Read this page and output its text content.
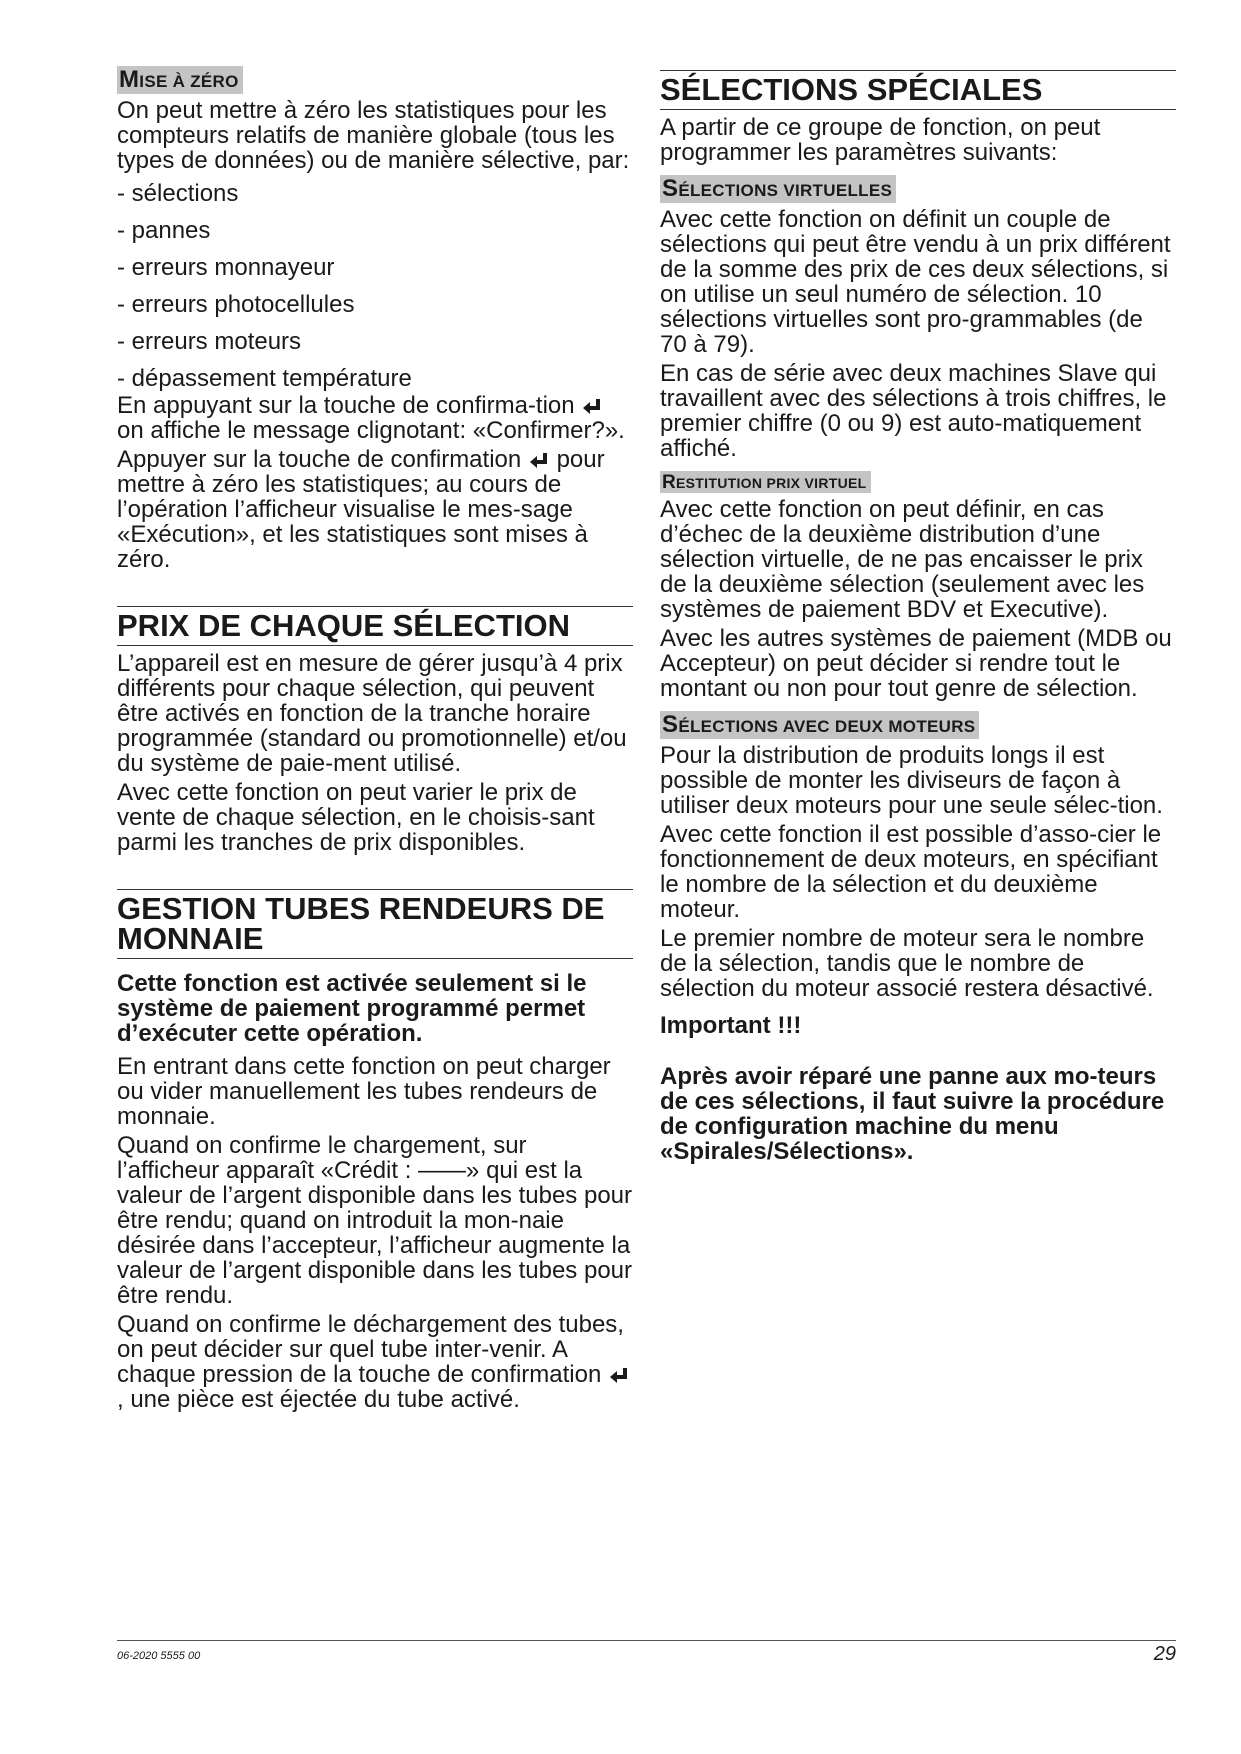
MISE À ZÉRO

On peut mettre à zéro les statistiques pour les compteurs relatifs de manière globale (tous les types de données) ou de manière sélective, par:

- sélections
- pannes
- erreurs monnayeur
- erreurs photocellules
- erreurs moteurs
- dépassement température

En appuyant sur la touche de confirma-tion
on affiche le message clignotant: «Confirmer?».

Appuyer sur la touche de confirmation
pour mettre à zéro les statistiques; au cours de l’opération l’afficheur visualise le mes-sage «Exécution», et les statistiques sont mises à zéro.

PRIX DE CHAQUE SÉLECTION

L’appareil est en mesure de gérer jusqu’à 4 prix différents pour chaque sélection, qui peuvent être activés en fonction de la tranche horaire programmée (standard ou promotionnelle) et/ou du système de paie-ment utilisé.

Avec cette fonction on peut varier le prix de vente de chaque sélection, en le choisis-sant parmi les tranches de prix disponibles.

GESTION TUBES RENDEURS DE MONNAIE

Cette fonction est activée seulement si le système de paiement programmé permet d’exécuter cette opération.

En entrant dans cette fonction on peut charger ou vider manuellement les tubes rendeurs de monnaie.

Quand on confirme le chargement, sur l’afficheur apparaît «Crédit : ——» qui est la valeur de l’argent disponible dans les tubes pour être rendu; quand on introduit la mon-naie désirée dans l’accepteur, l’afficheur augmente la valeur de l’argent disponible dans les tubes pour être rendu.

Quand on confirme le déchargement des tubes, on peut décider sur quel tube inter-venir. A chaque pression de la touche de confirmation
, une pièce est éjectée du tube activé.

SÉLECTIONS SPÉCIALES

A partir de ce groupe de fonction, on peut programmer les paramètres suivants:

SÉLECTIONS VIRTUELLES

Avec cette fonction on définit un couple de sélections qui peut être vendu à un prix différent de la somme des prix de ces deux sélections, si on utilise un seul numéro de sélection. 10 sélections virtuelles sont pro-grammables (de 70 à 79).

En cas de série avec deux machines Slave qui travaillent avec des sélections à trois chiffres, le premier chiffre (0 ou 9) est auto-matiquement affiché.

RESTITUTION PRIX VIRTUEL

Avec cette fonction on peut définir, en cas d’échec de la deuxième distribution d’une sélection virtuelle, de ne pas encaisser le prix de la deuxième sélection (seulement avec les systèmes de paiement BDV et Executive).

Avec les autres systèmes de paiement (MDB ou Accepteur) on peut décider si rendre tout le montant ou non pour tout genre de sélection.

SÉLECTIONS AVEC DEUX MOTEURS

Pour la distribution de produits longs il est possible de monter les diviseurs de façon à utiliser deux moteurs pour une seule sélec-tion.

Avec cette fonction il est possible d’asso-cier le fonctionnement de deux moteurs, en spécifiant le nombre de la sélection et du deuxième moteur.

Le premier nombre de moteur sera le nombre de la sélection, tandis que le nombre de sélection du moteur associé restera désactivé.

Important !!!

Après avoir réparé une panne aux mo-teurs de ces sélections, il faut suivre la procédure de configuration machine du menu «Spirales/Sélections».

06-2020 5555 00	29
